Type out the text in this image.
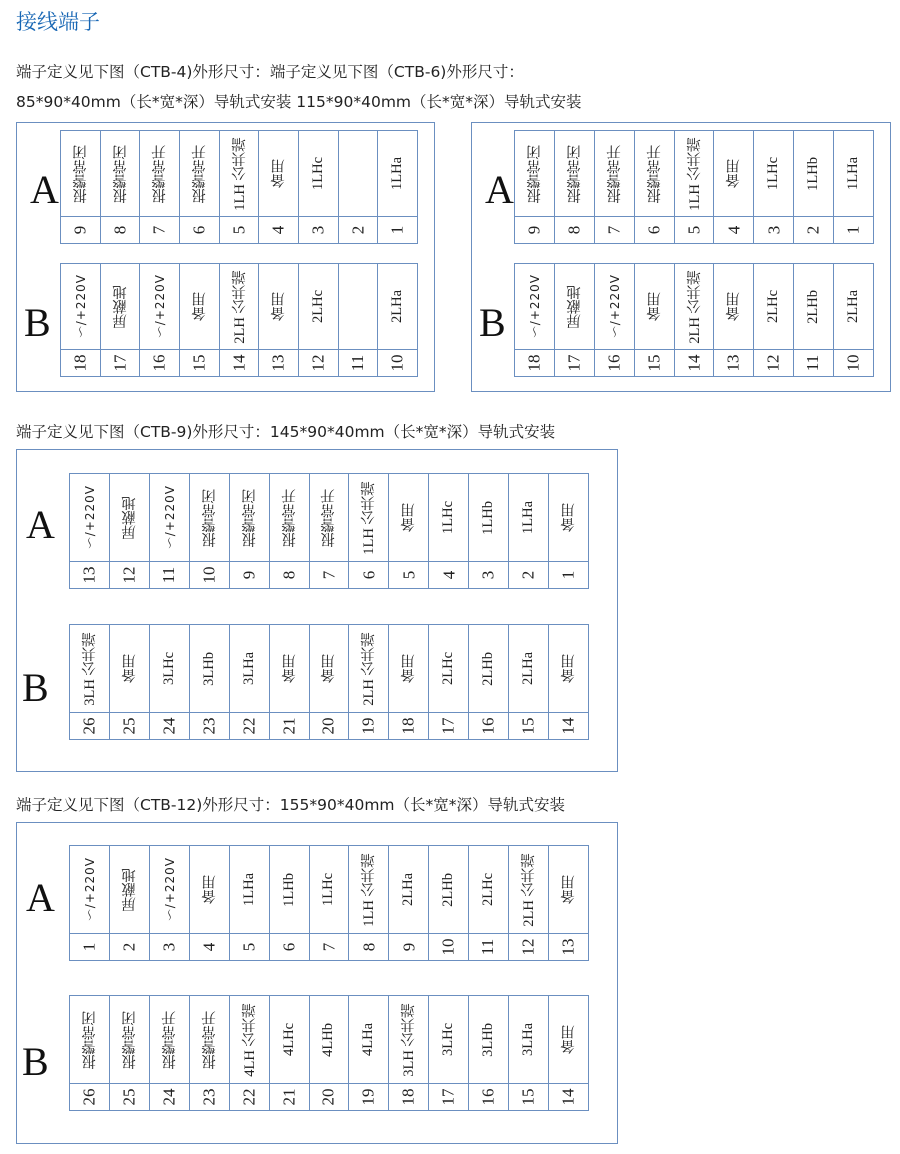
接线端子
端子定义见下图（CTB-4)外形尺寸：端子定义见下图（CTB-6)外形尺寸：
85*90*40mm（长*宽*深）导轨式安装 115*90*40mm（长*宽*深）导轨式安装
A
B
报警常闭
9
报警常闭
8
报警常开
7
报警常开
6
1LH 公共端
5
备用
4
1LHc
3 2
1LHa
1
～/+220V
18
屏蔽地
17
～/+220V
16
备用
15
2LH 公共端
14
备用
13
2LHc
12 11
2LHa
10
A
B
报警常闭
9
报警常闭
8
报警常开
7
报警常开
6
1LH 公共端
5
备用
4
1LHc
3
1LHb
2
1LHa
1
～/+220V
18
屏蔽地
17
～/+220V
16
备用
15
2LH 公共端
14
备用
13
2LHc
12
2LHb
11
2LHa
10
端子定义见下图（CTB-9)外形尺寸：145*90*40mm（长*宽*深）导轨式安装
A
B
～/+220V
13
屏蔽地
12
～/+220V
11
报警常闭
10
报警常闭
9
报警常开
8
报警常开
7
1LH 公共端
6
备用
5
1LHc
4
1LHb
3
1LHa
2
备用
1
3LH 公共端
26
备用
25
3LHc
24
3LHb
23
3LHa
22
备用
21
备用
20
2LH 公共端
19
备用
18
2LHc
17
2LHb
16
2LHa
15
备用
14
端子定义见下图（CTB-12)外形尺寸：155*90*40mm（长*宽*深）导轨式安装
A
B
～/+220V
1
屏蔽地
2
～/+220V
3
备用
4
1LHa
5
1LHb
6
1LHc
7
1LH 公共端
8
2LHa
9
2LHb
10
2LHc
11
2LH 公共端
12
备用
13
报警常闭
26
报警常闭
25
报警常开
24
报警常开
23
4LH 公共端
22
4LHc
21
4LHb
20
4LHa
19
3LH 公共端
18
3LHc
17
3LHb
16
3LHa
15
备用
14
